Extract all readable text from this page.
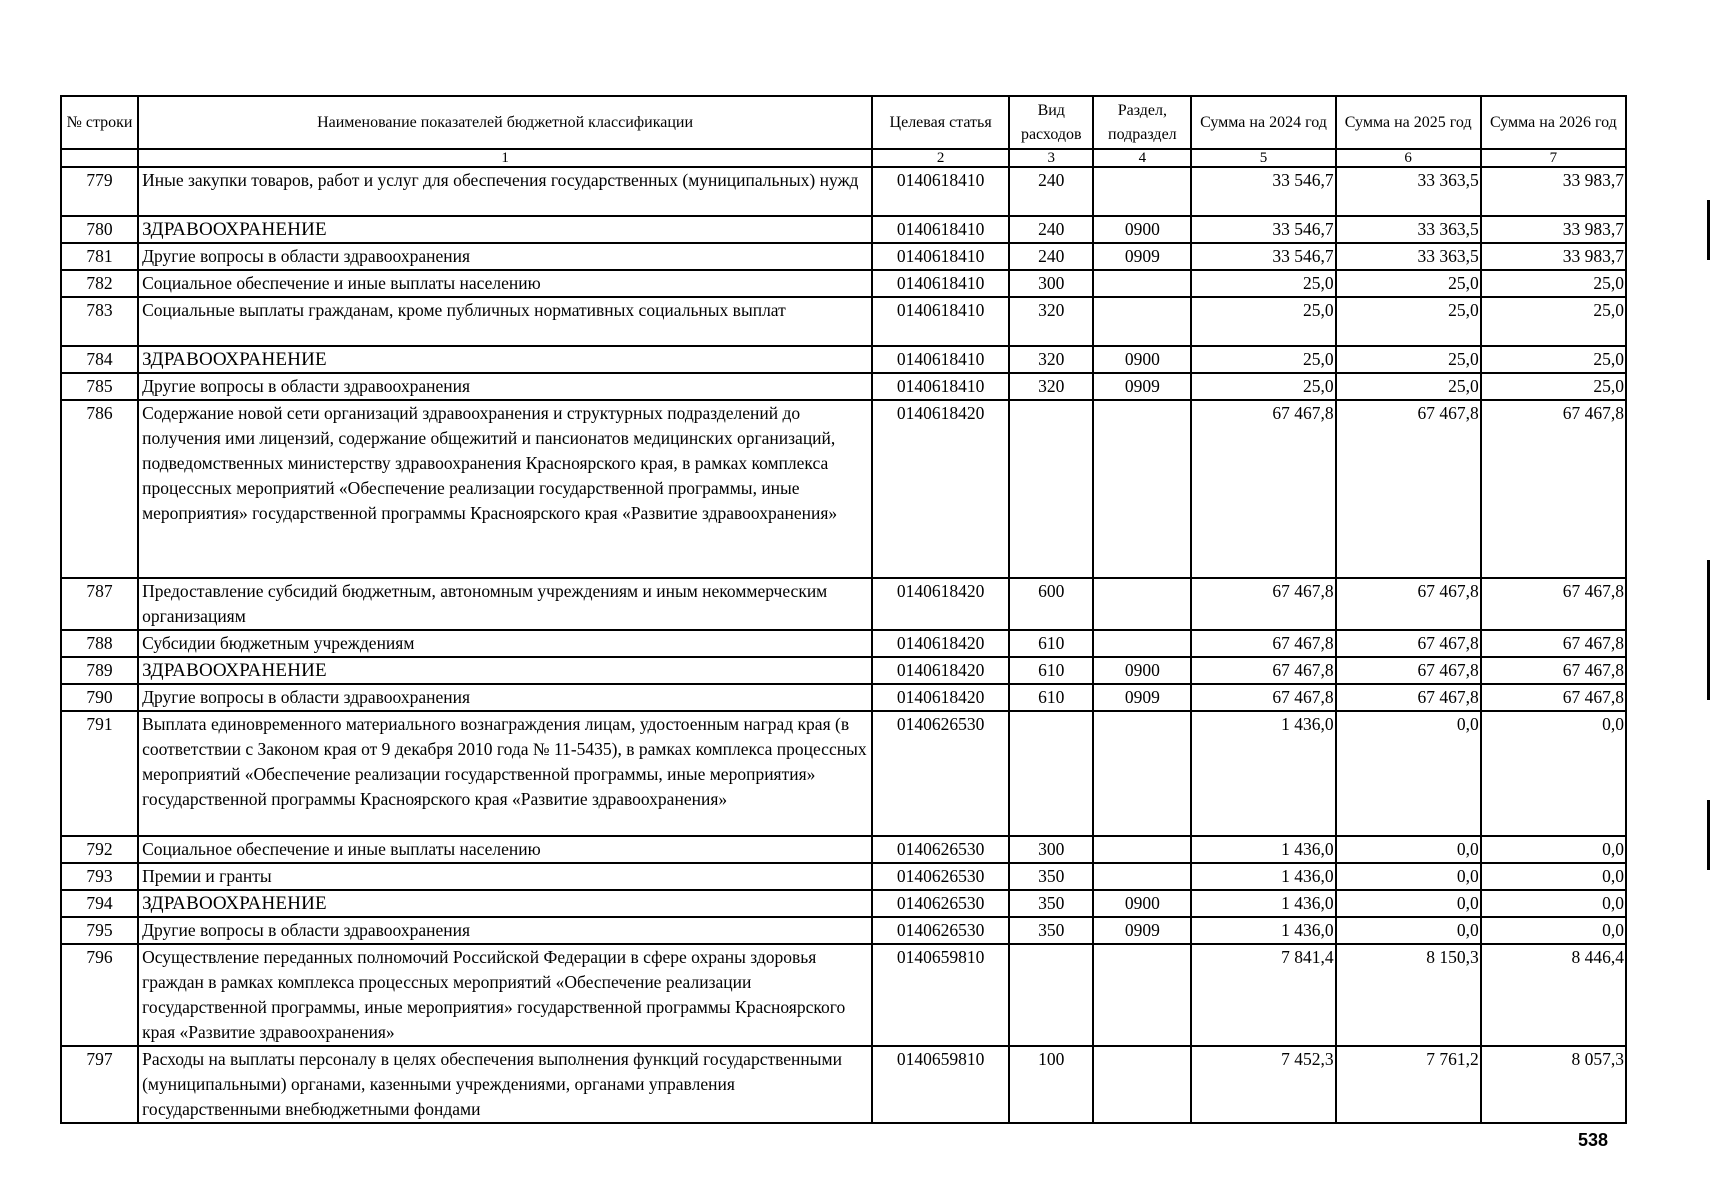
№ строки	Наименование показателей бюджетной классификации	Целевая статья	Вид расходов	Раздел, подраздел	Сумма на 2024 год	Сумма на 2025 год	Сумма на 2026 год
	1	2	3	4	5	6	7
779	Иные закупки товаров, работ и услуг для обеспечения государственных (муниципальных) нужд	0140618410	240		33 546,7	33 363,5	33 983,7
780	ЗДРАВООХРАНЕНИЕ	0140618410	240	0900	33 546,7	33 363,5	33 983,7
781	Другие вопросы в области здравоохранения	0140618410	240	0909	33 546,7	33 363,5	33 983,7
782	Социальное обеспечение и иные выплаты населению	0140618410	300		25,0	25,0	25,0
783	Социальные выплаты гражданам, кроме публичных нормативных социальных выплат	0140618410	320		25,0	25,0	25,0
784	ЗДРАВООХРАНЕНИЕ	0140618410	320	0900	25,0	25,0	25,0
785	Другие вопросы в области здравоохранения	0140618410	320	0909	25,0	25,0	25,0
786	Содержание новой сети организаций здравоохранения и структурных подразделений до получения ими лицензий, содержание общежитий и пансионатов медицинских организаций, подведомственных министерству здравоохранения Красноярского края, в рамках комплекса процессных мероприятий «Обеспечение реализации государственной программы, иные мероприятия» государственной программы Красноярского края «Развитие здравоохранения»	0140618420			67 467,8	67 467,8	67 467,8
787	Предоставление субсидий бюджетным, автономным учреждениям и иным некоммерческим организациям	0140618420	600		67 467,8	67 467,8	67 467,8
788	Субсидии бюджетным учреждениям	0140618420	610		67 467,8	67 467,8	67 467,8
789	ЗДРАВООХРАНЕНИЕ	0140618420	610	0900	67 467,8	67 467,8	67 467,8
790	Другие вопросы в области здравоохранения	0140618420	610	0909	67 467,8	67 467,8	67 467,8
791	Выплата единовременного материального вознаграждения лицам, удостоенным наград края (в соответствии с Законом края от 9 декабря 2010 года № 11-5435), в рамках комплекса процессных мероприятий «Обеспечение реализации государственной программы, иные мероприятия» государственной программы Красноярского края «Развитие здравоохранения»	0140626530			1 436,0	0,0	0,0
792	Социальное обеспечение и иные выплаты населению	0140626530	300		1 436,0	0,0	0,0
793	Премии и гранты	0140626530	350		1 436,0	0,0	0,0
794	ЗДРАВООХРАНЕНИЕ	0140626530	350	0900	1 436,0	0,0	0,0
795	Другие вопросы в области здравоохранения	0140626530	350	0909	1 436,0	0,0	0,0
796	Осуществление переданных полномочий Российской Федерации в сфере охраны здоровья граждан в рамках комплекса процессных мероприятий «Обеспечение реализации государственной программы, иные мероприятия» государственной программы Красноярского края «Развитие здравоохранения»	0140659810			7 841,4	8 150,3	8 446,4
797	Расходы на выплаты персоналу в целях обеспечения выполнения функций государственными (муниципальными) органами, казенными учреждениями, органами управления государственными внебюджетными фондами	0140659810	100		7 452,3	7 761,2	8 057,3
538
